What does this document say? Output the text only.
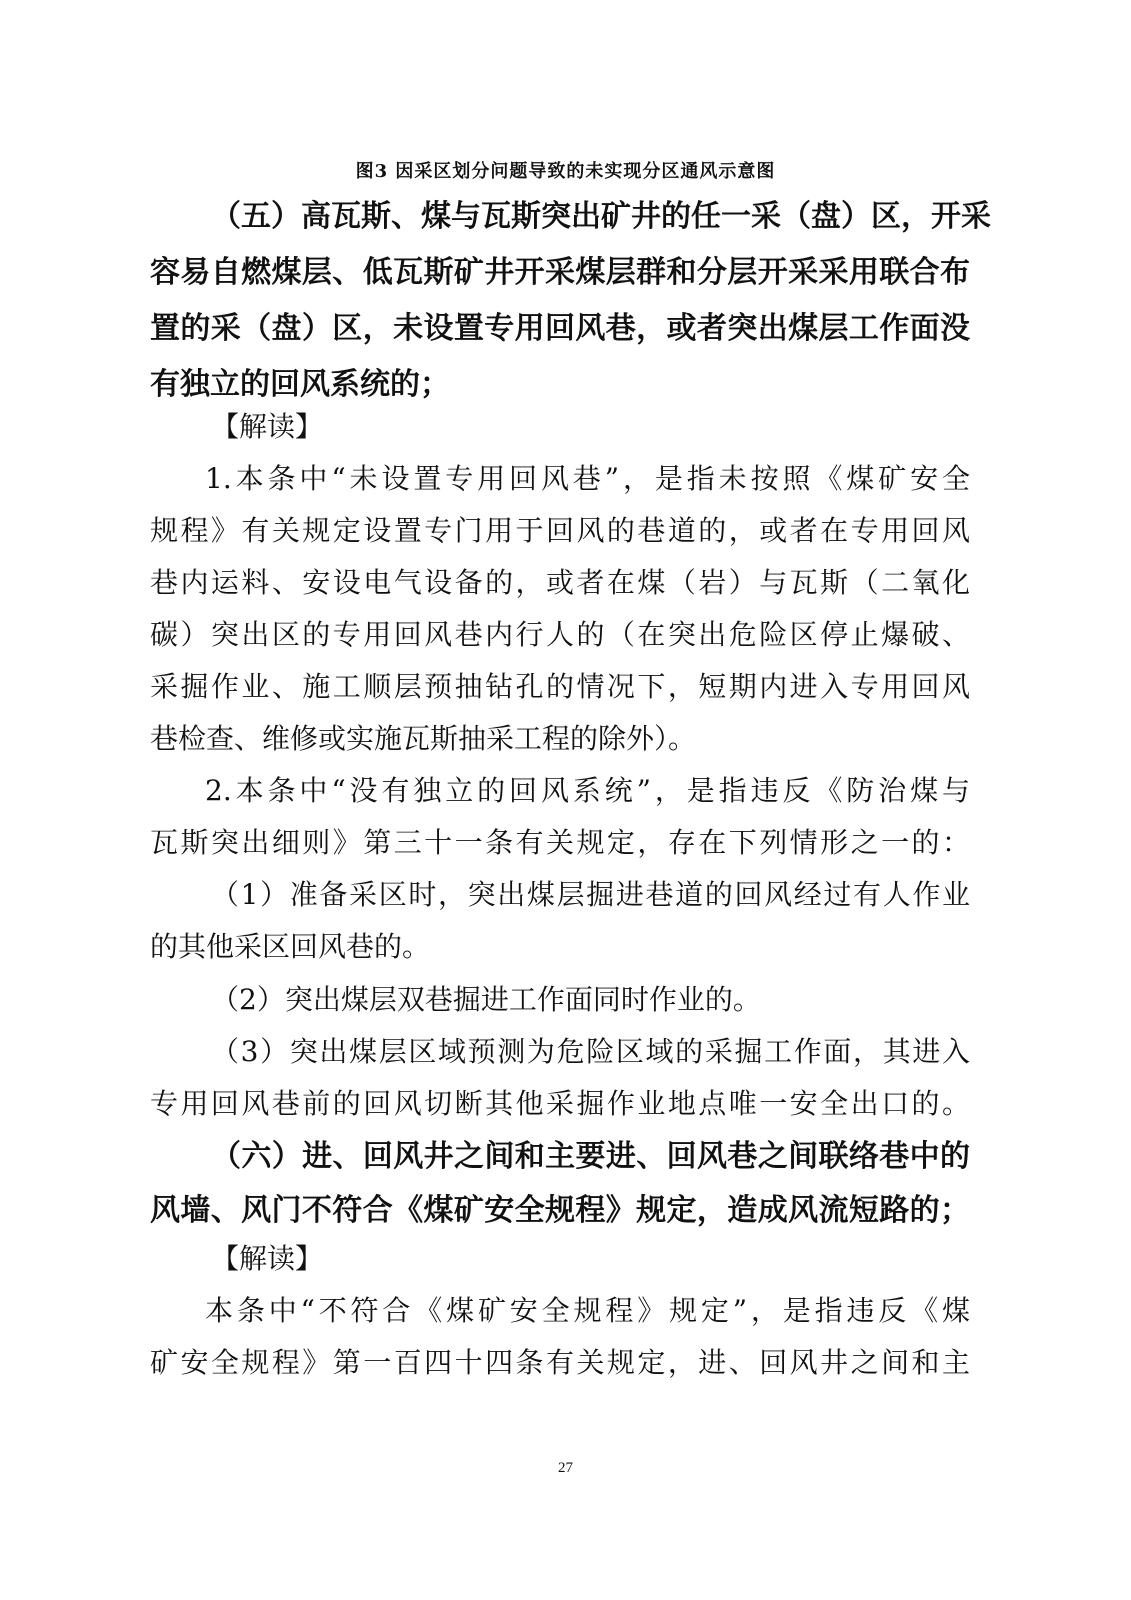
图3 因采区划分问题导致的未实现分区通风示意图
（五）高瓦斯、煤与瓦斯突出矿井的任一采（盘）区，开采
容易自燃煤层、低瓦斯矿井开采煤层群和分层开采采用联合布
置的采（盘）区，未设置专用回风巷，或者突出煤层工作面没
有独立的回风系统的；
【解读】
1.本条中“未设置专用回风巷”，是指未按照《煤矿安全
规程》有关规定设置专门用于回风的巷道的，或者在专用回风
巷内运料、安设电气设备的，或者在煤（岩）与瓦斯（二氧化
碳）突出区的专用回风巷内行人的（在突出危险区停止爆破、
采掘作业、施工顺层预抽钻孔的情况下，短期内进入专用回风
巷检查、维修或实施瓦斯抽采工程的除外）。
2.本条中“没有独立的回风系统”，是指违反《防治煤与
瓦斯突出细则》第三十一条有关规定，存在下列情形之一的：
（1）准备采区时，突出煤层掘进巷道的回风经过有人作业
的其他采区回风巷的。
（2）突出煤层双巷掘进工作面同时作业的。
（3）突出煤层区域预测为危险区域的采掘工作面，其进入
专用回风巷前的回风切断其他采掘作业地点唯一安全出口的。
（六）进、回风井之间和主要进、回风巷之间联络巷中的
风墙、风门不符合《煤矿安全规程》规定，造成风流短路的；
【解读】
本条中“不符合《煤矿安全规程》规定”，是指违反《煤
矿安全规程》第一百四十四条有关规定，进、回风井之间和主
27
